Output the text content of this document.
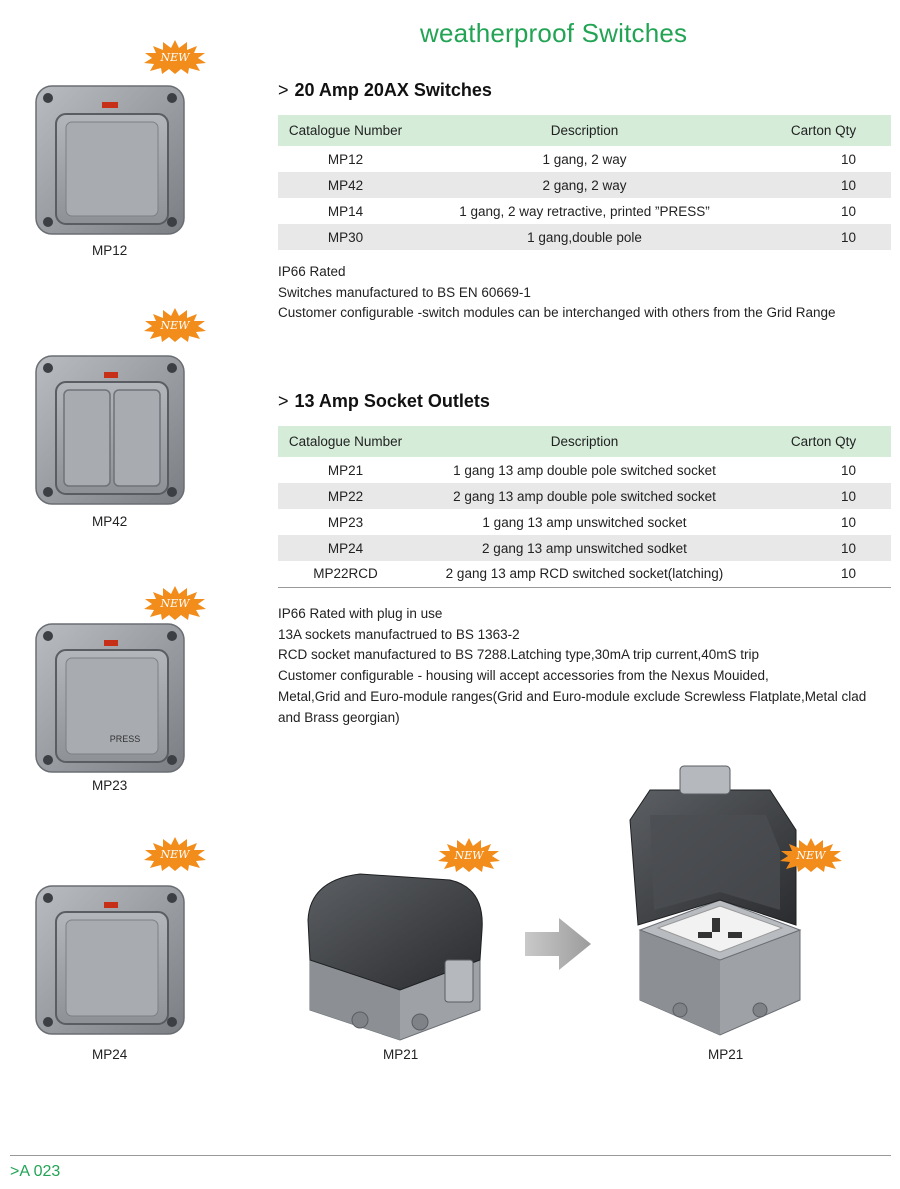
weatherproof Switches
> 20 Amp 20AX Switches
Catalogue Number	Description	Carton Qty
MP12	1 gang, 2 way	10
MP42	2 gang, 2 way	10
MP14	1 gang, 2 way retractive, printed ”PRESS”	10
MP30	1 gang,double pole	10
IP66 Rated
Switches manufactured to BS EN 60669-1
Customer configurable -switch modules can be interchanged with others from the Grid Range
> 13 Amp Socket Outlets
Catalogue Number	Description	Carton Qty
MP21	1 gang 13 amp double pole switched socket	10
MP22	2 gang 13 amp double pole switched socket	10
MP23	1 gang 13 amp unswitched socket	10
MP24	2 gang 13 amp unswitched sodket	10
MP22RCD	2 gang 13 amp RCD switched socket(latching)	10
IP66 Rated with plug in use
13A sockets manufactrued to BS 1363-2
RCD socket manufactured to BS 7288.Latching type,30mA trip current,40mS trip
Customer configurable - housing will accept accessories from the Nexus Mouided,
Metal,Grid and Euro-module ranges(Grid and Euro-module exclude Screwless Flatplate,Metal clad
and Brass georgian)
NEW
MP12
NEW
MP42
PRESS
NEW
MP23
NEW
MP24
NEW
MP21
NEW
MP21
>A 023
